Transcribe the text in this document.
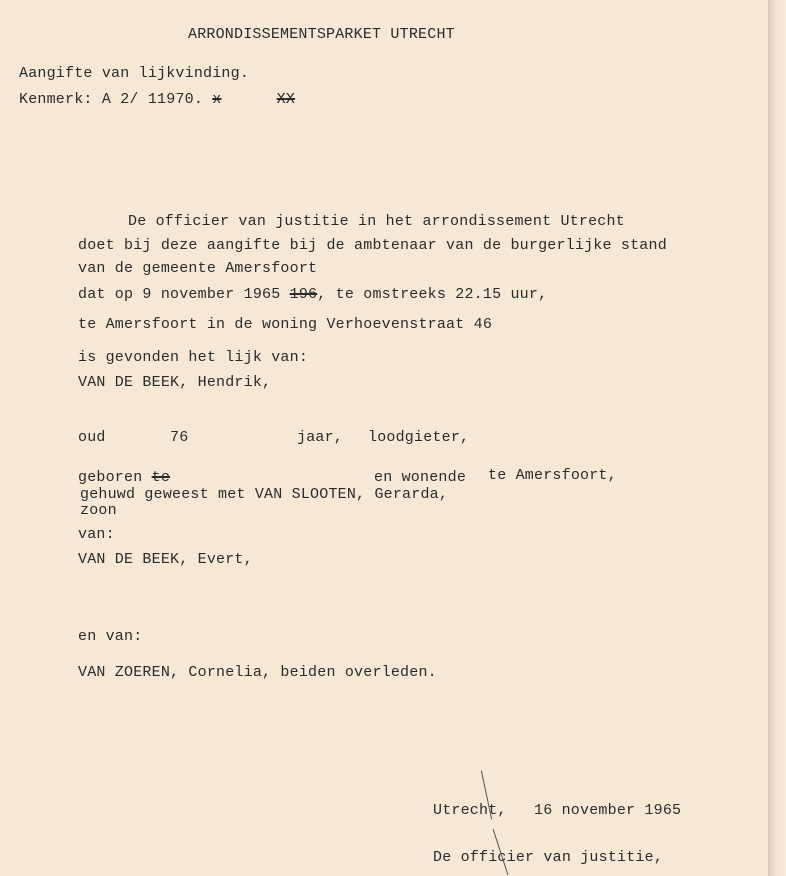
ARRONDISSEMENTSPARKET UTRECHT
Aangifte van lijkvinding.
Kenmerk: A 2/ 11970. x	XX
De officier van justitie in het arrondissement Utrecht
doet bij deze aangifte bij de ambtenaar van de burgerlijke stand
van de gemeente Amersfoort
dat op 9 november 1965 196, te omstreeks 22.15 uur,
te Amersfoort in de woning Verhoevenstraat 46
is gevonden het lijk van:
VAN DE BEEK, Hendrik,
oud	76	jaar, loodgieter,
geboren te	en wonende te Amersfoort,
gehuwd geweest met VAN SLOOTEN, Gerarda,
zoon
van:
VAN DE BEEK, Evert,
en van:
VAN ZOEREN, Cornelia, beiden overleden.
Utrecht, 16 november 1965
De officier van justitie,
